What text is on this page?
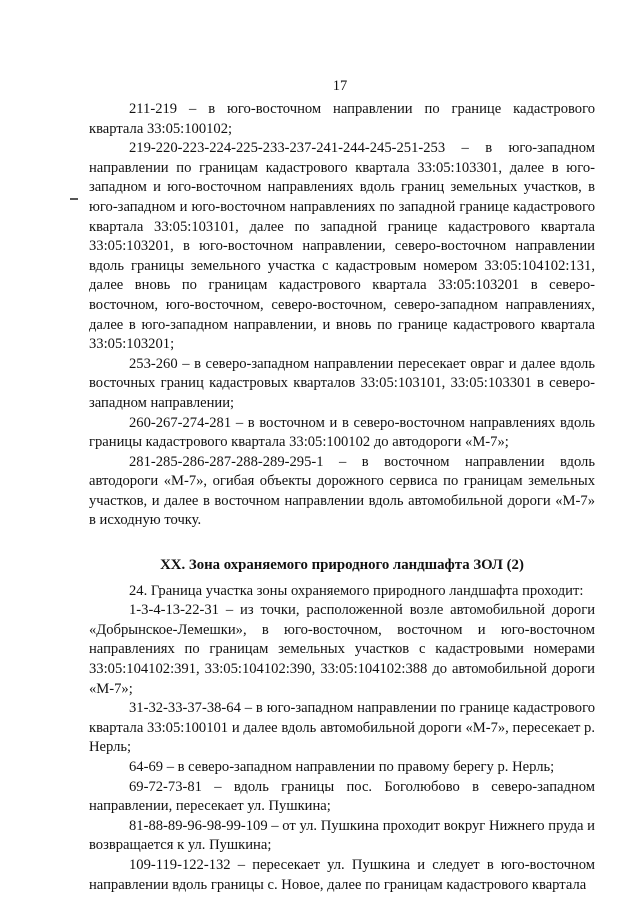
17

211-219 – в юго-восточном направлении по границе кадастрового квартала 33:05:100102;

219-220-223-224-225-233-237-241-244-245-251-253 – в юго-западном направлении по границам кадастрового квартала 33:05:103301, далее в юго-западном и юго-восточном направлениях вдоль границ земельных участков, в юго-западном и юго-восточном направлениях по западной границе кадастрового квартала 33:05:103101, далее по западной границе кадастрового квартала 33:05:103201, в юго-восточном направлении, северо-восточном направлении вдоль границы земельного участка с кадастровым номером 33:05:104102:131, далее вновь по границам кадастрового квартала 33:05:103201 в северо-восточном, юго-восточном, северо-восточном, северо-западном направлениях, далее в юго-западном направлении, и вновь по границе кадастрового квартала 33:05:103201;

253-260 – в северо-западном направлении пересекает овраг и далее вдоль восточных границ кадастровых кварталов 33:05:103101, 33:05:103301 в северо-западном направлении;

260-267-274-281 – в восточном и в северо-восточном направлениях вдоль границы кадастрового квартала 33:05:100102 до автодороги «М-7»;

281-285-286-287-288-289-295-1 – в восточном направлении вдоль автодороги «М-7», огибая объекты дорожного сервиса по границам земельных участков, и далее в восточном направлении вдоль автомобильной дороги «М-7» в исходную точку.

XX. Зона охраняемого природного ландшафта ЗОЛ (2)

24. Граница участка зоны охраняемого природного ландшафта проходит:

1-3-4-13-22-31 – из точки, расположенной возле автомобильной дороги «Добрынское-Лемешки», в юго-восточном, восточном и юго-восточном направлениях по границам земельных участков с кадастровыми номерами 33:05:104102:391, 33:05:104102:390, 33:05:104102:388 до автомобильной дороги «М-7»;

31-32-33-37-38-64 – в юго-западном направлении по границе кадастрового квартала 33:05:100101 и далее вдоль автомобильной дороги «М-7», пересекает р. Нерль;

64-69 – в северо-западном направлении по правому берегу р. Нерль;

69-72-73-81 – вдоль границы пос. Боголюбово в северо-западном направлении, пересекает ул. Пушкина;

81-88-89-96-98-99-109 – от ул. Пушкина проходит вокруг Нижнего пруда и возвращается к ул. Пушкина;

109-119-122-132 – пересекает ул. Пушкина и следует в юго-восточном направлении вдоль границы с. Новое, далее по границам кадастрового квартала
